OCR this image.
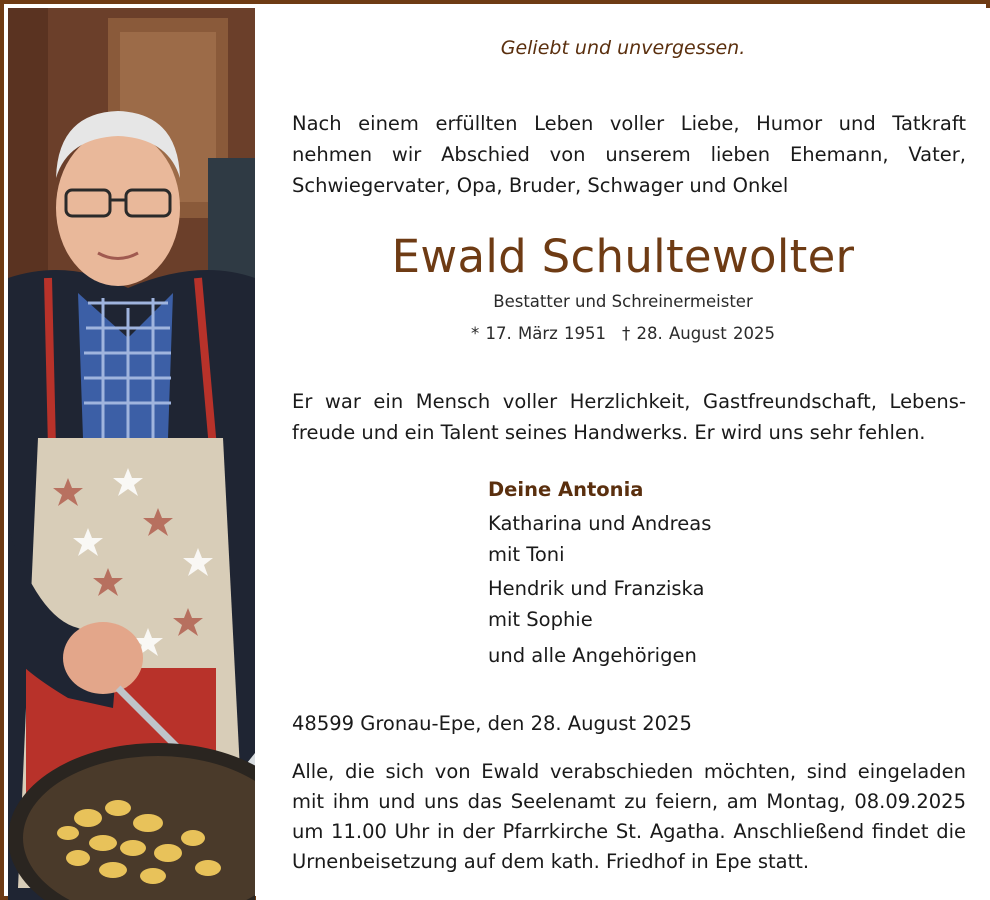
Geliebt und unvergessen.
Nach einem erfüllten Leben voller Liebe, Humor und Tatkraft nehmen wir Abschied von unserem lieben Ehemann, Vater, Schwiegervater, Opa, Bruder, Schwager und Onkel
Ewald Schultewolter
Bestatter und Schreinermeister
* 17. März 1951 † 28. August 2025
Er war ein Mensch voller Herzlichkeit, Gastfreundschaft, Lebens-freude und ein Talent seines Handwerks. Er wird uns sehr fehlen.
Deine Antonia
Katharina und Andreas
mit Toni
Hendrik und Franziska
mit Sophie
und alle Angehörigen
48599 Gronau-Epe, den 28. August 2025
Alle, die sich von Ewald verabschieden möchten, sind eingeladen mit ihm und uns das Seelenamt zu feiern, am Montag, 08.09.2025 um 11.00 Uhr in der Pfarrkirche St. Agatha. Anschließend findet die Urnenbeisetzung auf dem kath. Friedhof in Epe statt.
